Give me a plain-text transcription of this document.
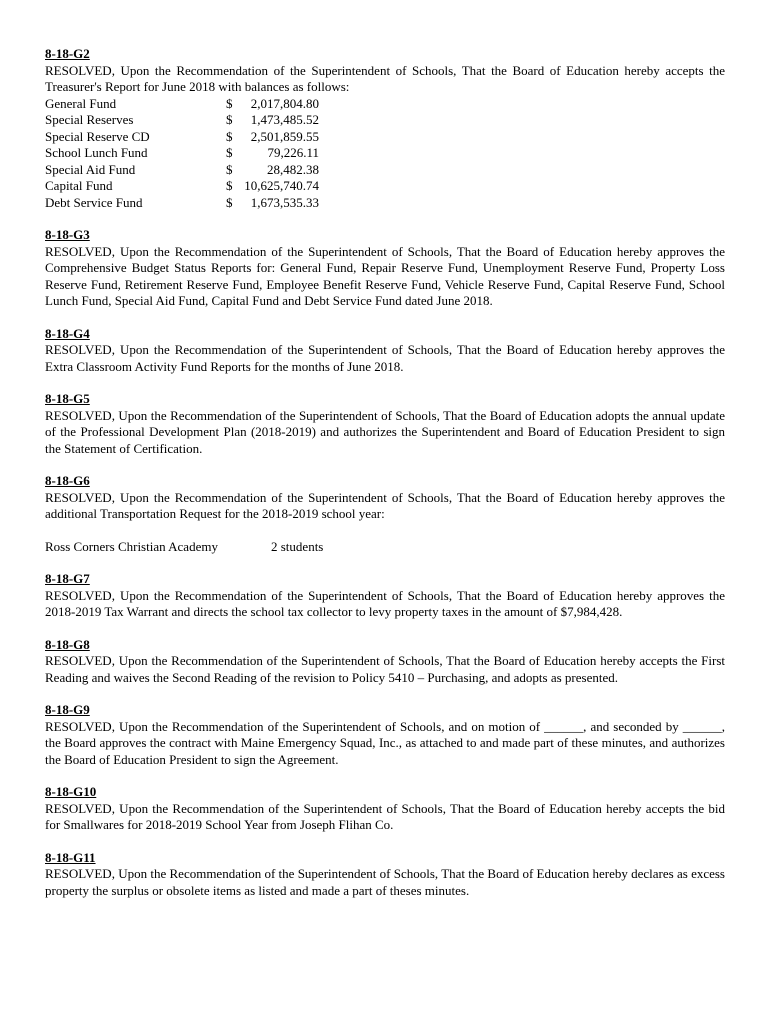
8-18-G2
RESOLVED, Upon the Recommendation of the Superintendent of Schools, That the Board of Education hereby accepts the Treasurer's Report for June 2018 with balances as follows:
General Fund	$	2,017,804.80
Special Reserves	$	1,473,485.52
Special Reserve CD	$	2,501,859.55
School Lunch Fund	$	79,226.11
Special Aid Fund	$	28,482.38
Capital Fund	$	10,625,740.74
Debt Service Fund	$	1,673,535.33
8-18-G3
RESOLVED, Upon the Recommendation of the Superintendent of Schools, That the Board of Education hereby approves the Comprehensive Budget Status Reports for: General Fund, Repair Reserve Fund, Unemployment Reserve Fund, Property Loss Reserve Fund, Retirement Reserve Fund, Employee Benefit Reserve Fund, Vehicle Reserve Fund, Capital Reserve Fund, School Lunch Fund, Special Aid Fund, Capital Fund and Debt Service Fund dated June 2018.
8-18-G4
RESOLVED, Upon the Recommendation of the Superintendent of Schools, That the Board of Education hereby approves the Extra Classroom Activity Fund Reports for the months of June 2018.
8-18-G5
RESOLVED, Upon the Recommendation of the Superintendent of Schools, That the Board of Education adopts the annual update of the Professional Development Plan (2018-2019) and authorizes the Superintendent and Board of Education President to sign the Statement of Certification.
8-18-G6
RESOLVED, Upon the Recommendation of the Superintendent of Schools, That the Board of Education hereby approves the additional Transportation Request for the 2018-2019 school year:
Ross Corners Christian Academy	2 students
8-18-G7
RESOLVED, Upon the Recommendation of the Superintendent of Schools, That the Board of Education hereby approves the 2018-2019 Tax Warrant and directs the school tax collector to levy property taxes in the amount of $7,984,428.
8-18-G8
RESOLVED, Upon the Recommendation of the Superintendent of Schools, That the Board of Education hereby accepts the First Reading and waives the Second Reading of the revision to Policy 5410 – Purchasing, and adopts as presented.
8-18-G9
RESOLVED, Upon the Recommendation of the Superintendent of Schools, and on motion of ______, and seconded by ______, the Board approves the contract with Maine Emergency Squad, Inc., as attached to and made part of these minutes, and authorizes the Board of Education President to sign the Agreement.
8-18-G10
RESOLVED, Upon the Recommendation of the Superintendent of Schools, That the Board of Education hereby accepts the bid for Smallwares for 2018-2019 School Year from Joseph Flihan Co.
8-18-G11
RESOLVED, Upon the Recommendation of the Superintendent of Schools, That the Board of Education hereby declares as excess property the surplus or obsolete items as listed and made a part of theses minutes.
